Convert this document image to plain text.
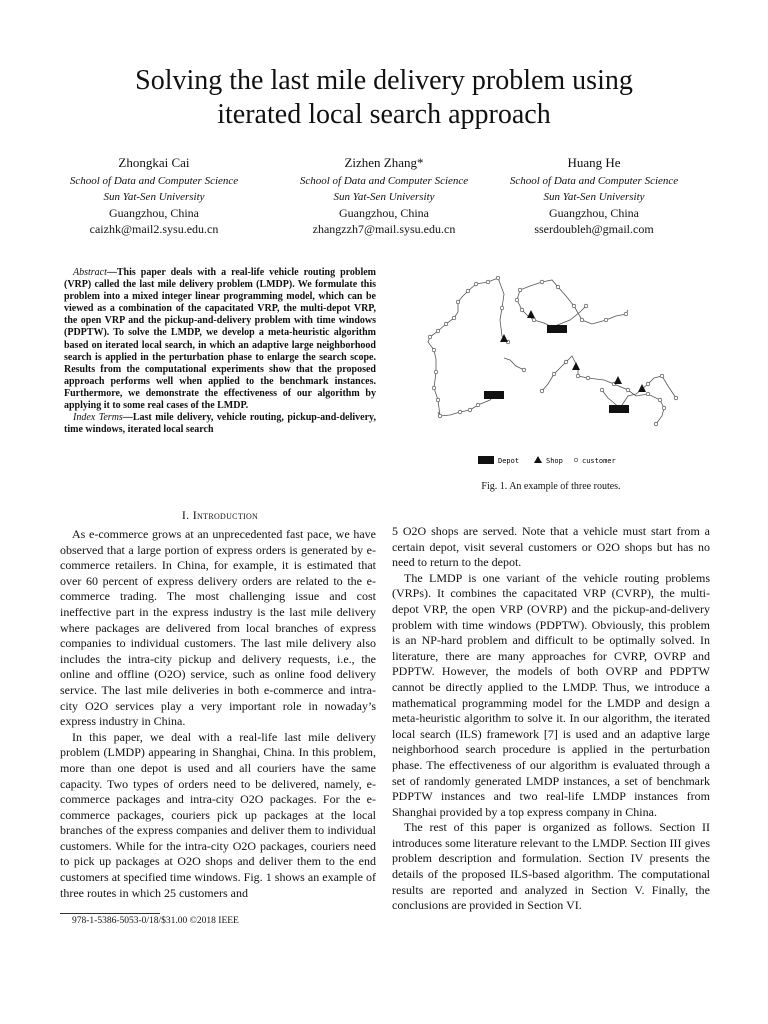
Solving the last mile delivery problem using
iterated local search approach
Zhongkai Cai
School of Data and Computer Science
Sun Yat-Sen University
Guangzhou, China
caizhk@mail2.sysu.edu.cn
Zizhen Zhang*
School of Data and Computer Science
Sun Yat-Sen University
Guangzhou, China
zhangzzh7@mail.sysu.edu.cn
Huang He
School of Data and Computer Science
Sun Yat-Sen University
Guangzhou, China
sserdoubleh@gmail.com

Abstract—This paper deals with a real-life vehicle routing problem (VRP) called the last mile delivery problem (LMDP). We formulate this problem into a mixed integer linear programming model, which can be viewed as a combination of the capacitated VRP, the multi-depot VRP, the open VRP and the pickup-and-delivery problem with time windows (PDPTW). To solve the LMDP, we develop a meta-heuristic algorithm based on iterated local search, in which an adaptive large neighborhood search is applied in the perturbation phase to enlarge the search scope. Results from the computational experiments show that the proposed approach performs well when applied to the benchmark instances. Furthermore, we demonstrate the effectiveness of our algorithm by applying it to some real cases of the LMDP.

Index Terms—Last mile delivery, vehicle routing, pickup-and-delivery, time windows, iterated local search

Depot	Shop	customer
Fig. 1. An example of three routes.
I. Introduction

As e-commerce grows at an unprecedented fast pace, we have observed that a large portion of express orders is generated by e-commerce retailers. In China, for example, it is estimated that over 60 percent of express delivery orders are related to the e-commerce trading. The most challenging issue and cost ineffective part in the express industry is the last mile delivery where packages are delivered from local branches of express companies to individual customers. The last mile delivery also includes the intra-city pickup and delivery requests, i.e., the online and offline (O2O) service, such as online food delivery service. The last mile deliveries in both e-commerce and intra-city O2O services play a very important role in nowaday’s express industry in China.

In this paper, we deal with a real-life last mile delivery problem (LMDP) appearing in Shanghai, China. In this problem, more than one depot is used and all couriers have the same capacity. Two types of orders need to be delivered, namely, e-commerce packages and intra-city O2O packages. For the e-commerce packages, couriers pick up packages at the local branches of the express companies and deliver them to individual customers. While for the intra-city O2O packages, couriers need to pick up packages at O2O shops and deliver them to the end customers at specified time windows. Fig. 1 shows an example of three routes in which 25 customers and

5 O2O shops are served. Note that a vehicle must start from a certain depot, visit several customers or O2O shops but has no need to return to the depot.

The LMDP is one variant of the vehicle routing problems (VRPs). It combines the capacitated VRP (CVRP), the multi-depot VRP, the open VRP (OVRP) and the pickup-and-delivery problem with time windows (PDPTW). Obviously, this problem is an NP-hard problem and difficult to be optimally solved. In literature, there are many approaches for CVRP, OVRP and PDPTW. However, the models of both OVRP and PDPTW cannot be directly applied to the LMDP. Thus, we introduce a mathematical programming model for the LMDP and design a meta-heuristic algorithm to solve it. In our algorithm, the iterated local search (ILS) framework [7] is used and an adaptive large neighborhood search procedure is applied in the perturbation phase. The effectiveness of our algorithm is evaluated through a set of randomly generated LMDP instances, a set of benchmark PDPTW instances and two real-life LMDP instances from Shanghai provided by a top express company in China.

The rest of this paper is organized as follows. Section II introduces some literature relevant to the LMDP. Section III gives problem description and formulation. Section IV presents the details of the proposed ILS-based algorithm. The computational results are reported and analyzed in Section V. Finally, the conclusions are provided in Section VI.

978-1-5386-5053-0/18/$31.00 ©2018 IEEE
